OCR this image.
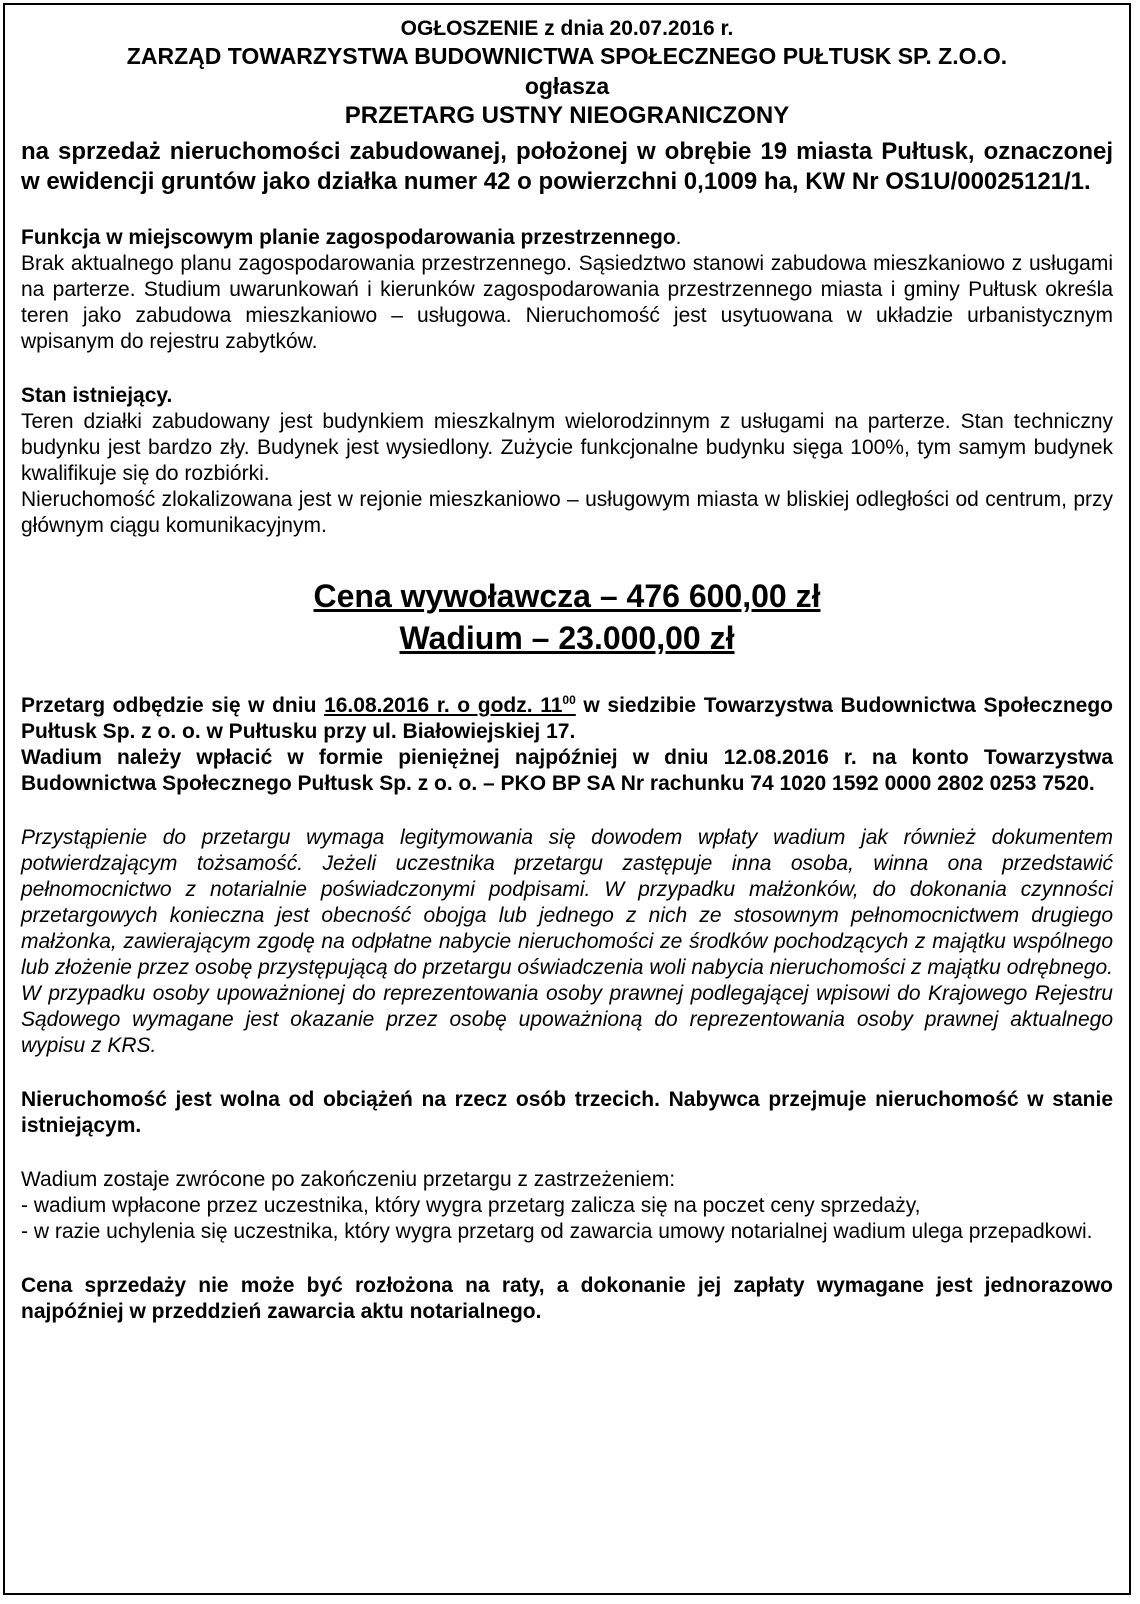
OGŁOSZENIE z dnia 20.07.2016 r.

ZARZĄD TOWARZYSTWA BUDOWNICTWA SPOŁECZNEGO PUŁTUSK SP. Z.O.O.

ogłasza

PRZETARG USTNY NIEOGRANICZONY

na sprzedaż nieruchomości zabudowanej, położonej w obrębie 19 miasta Pułtusk, oznaczonej w ewidencji gruntów jako działka numer 42 o powierzchni 0,1009 ha, KW Nr OS1U/00025121/1.

Funkcja w miejscowym planie zagospodarowania przestrzennego.

Brak aktualnego planu zagospodarowania przestrzennego. Sąsiedztwo stanowi zabudowa mieszkaniowo z usługami na parterze. Studium uwarunkowań i kierunków zagospodarowania przestrzennego miasta i gminy Pułtusk określa teren jako zabudowa mieszkaniowo – usługowa. Nieruchomość jest usytuowana w układzie urbanistycznym wpisanym do rejestru zabytków.

Stan istniejący.

Teren działki zabudowany jest budynkiem mieszkalnym wielorodzinnym z usługami na parterze. Stan techniczny budynku jest bardzo zły. Budynek jest wysiedlony. Zużycie funkcjonalne budynku sięga 100%, tym samym budynek kwalifikuje się do rozbiórki.

Nieruchomość zlokalizowana jest w rejonie mieszkaniowo – usługowym miasta w bliskiej odległości od centrum, przy głównym ciągu komunikacyjnym.

Cena wywoławcza – 476 600,00 zł

Wadium – 23.000,00 zł

Przetarg odbędzie się w dniu 16.08.2016 r. o godz. $11^{00}$ w siedzibie Towarzystwa Budownictwa Społecznego Pułtusk Sp. z o. o. w Pułtusku przy ul. Białowiejskiej 17.

Wadium należy wpłacić w formie pieniężnej najpóźniej w dniu 12.08.2016 r. na konto Towarzystwa Budownictwa Społecznego Pułtusk Sp. z o. o. – PKO BP SA Nr rachunku 74 1020 1592 0000 2802 0253 7520.

Przystąpienie do przetargu wymaga legitymowania się dowodem wpłaty wadium jak również dokumentem potwierdzającym tożsamość. Jeżeli uczestnika przetargu zastępuje inna osoba, winna ona przedstawić pełnomocnictwo z notarialnie poświadczonymi podpisami. W przypadku małżonków, do dokonania czynności przetargowych konieczna jest obecność obojga lub jednego z nich ze stosownym pełnomocnictwem drugiego małżonka, zawierającym zgodę na odpłatne nabycie nieruchomości ze środków pochodzących z majątku wspólnego lub złożenie przez osobę przystępującą do przetargu oświadczenia woli nabycia nieruchomości z majątku odrębnego. W przypadku osoby upoważnionej do reprezentowania osoby prawnej podlegającej wpisowi do Krajowego Rejestru Sądowego wymagane jest okazanie przez osobę upoważnioną do reprezentowania osoby prawnej aktualnego wypisu z KRS.

Nieruchomość jest wolna od obciążeń na rzecz osób trzecich. Nabywca przejmuje nieruchomość w stanie istniejącym.

Wadium zostaje zwrócone po zakończeniu przetargu z zastrzeżeniem:

- wadium wpłacone przez uczestnika, który wygra przetarg zalicza się na poczet ceny sprzedaży,

- w razie uchylenia się uczestnika, który wygra przetarg od zawarcia umowy notarialnej wadium ulega przepadkowi.

Cena sprzedaży nie może być rozłożona na raty, a dokonanie jej zapłaty wymagane jest jednorazowo najpóźniej w przeddzień zawarcia aktu notarialnego.
